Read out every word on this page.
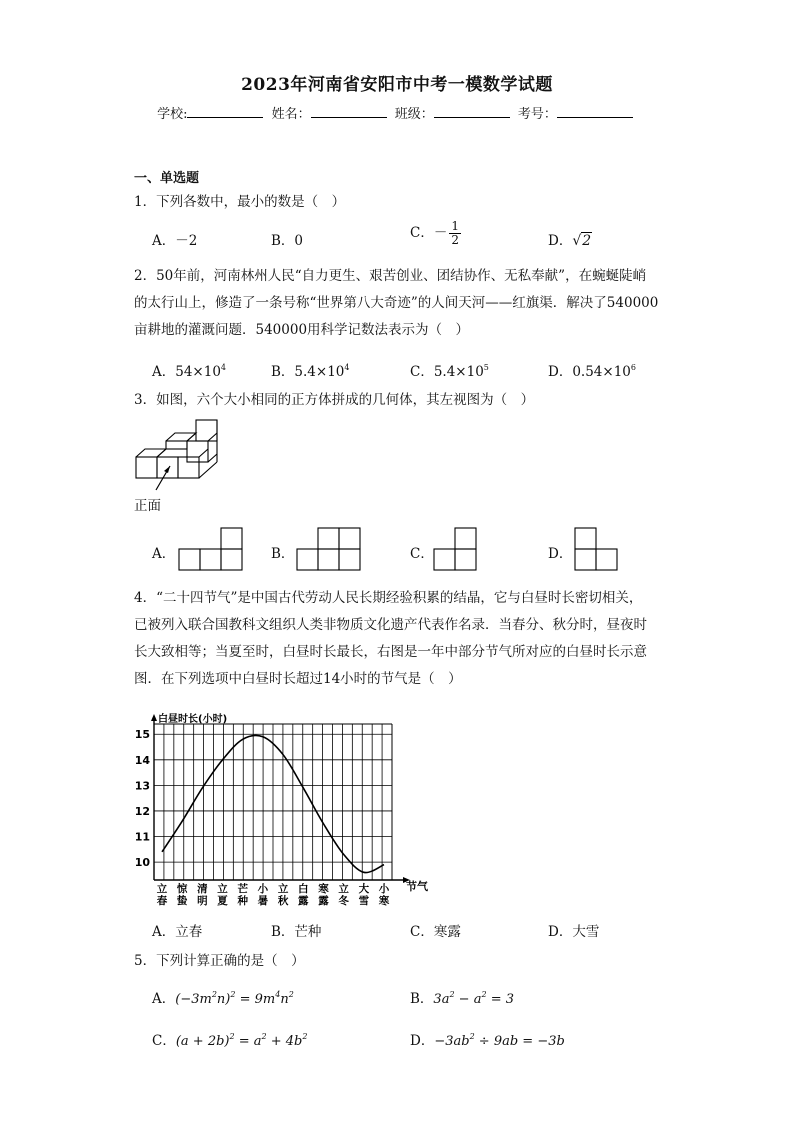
2023年河南省安阳市中考一模数学试题
学校:	姓名：	班级：	考号：
一、单选题
1．下列各数中，最小的数是（　）
A．－2	B．0	C．－ $\frac{1}{2}$	D．√2
2．50年前，河南林州人民“自力更生、艰苦创业、团结协作、无私奉献”，在蜿蜒陡峭
的太行山上，修造了一条号称“世界第八大奇迹”的人间天河——红旗渠．解决了540000
亩耕地的灌溉问题．540000用科学记数法表示为（　）
A．$54\times 10^4$	B．$5.4\times 10^4$	C．$5.4\times 10^5$	D．$0.54\times 10^6$
3．如图，六个大小相同的正方体拼成的几何体，其左视图为（　）
正面
A．	B．	C．	D．
4．“二十四节气”是中国古代劳动人民长期经验积累的结晶，它与白昼时长密切相关，
已被列入联合国教科文组织人类非物质文化遗产代表作名录．当春分、秋分时，昼夜时
长大致相等；当夏至时，白昼时长最长，右图是一年中部分节气所对应的白昼时长示意
图．在下列选项中白昼时长超过14小时的节气是（　）
10
11
12
13
14
15
白昼时长(小时)
节气
立
春
惊
蛰
清
明
立
夏
芒
种
小
暑
立
秋
白
露
寒
露
立
冬
大
雪
小
寒
A．立春	B．芒种	C．寒露	D．大雪
5．下列计算正确的是（　）
A．$(-3m^2n)^2 = 9m^4n^2$	B．$3a^2 - a^2 = 3$
C．$(a + 2b)^2 = a^2 + 4b^2$	D．$-3ab^2 \div 9ab = -3b$
